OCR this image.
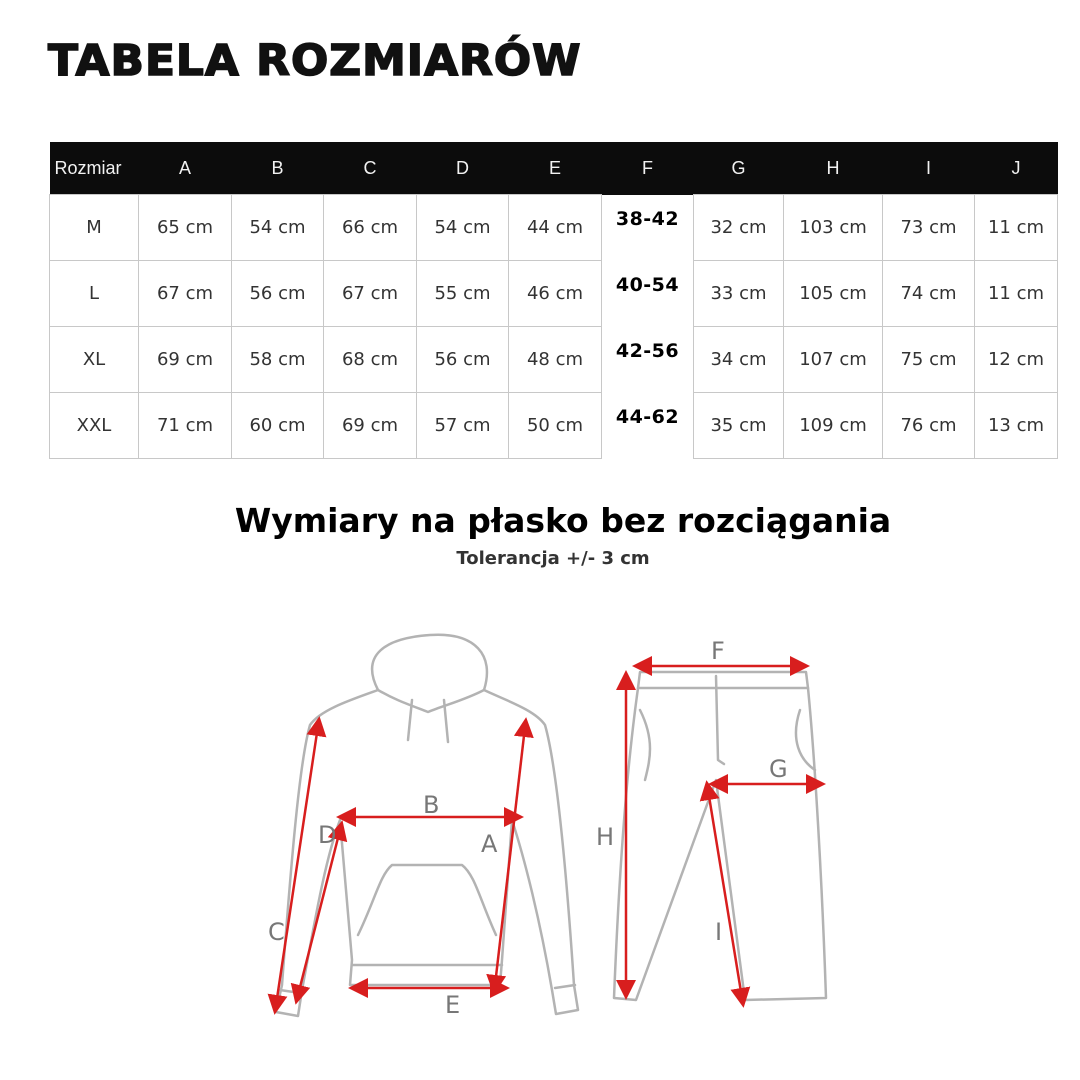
TABELA ROZMIARÓW
Rozmiar	A	B	C	D	E	F	G	H	I	J
M	65 cm	54 cm	66 cm	54 cm	44 cm	38-42	32 cm	103 cm	73 cm	11 cm
L	67 cm	56 cm	67 cm	55 cm	46 cm	40-54	33 cm	105 cm	74 cm	11 cm
XL	69 cm	58 cm	68 cm	56 cm	48 cm	42-56	34 cm	107 cm	75 cm	12 cm
XXL	71 cm	60 cm	69 cm	57 cm	50 cm	44-62	35 cm	109 cm	76 cm	13 cm
Wymiary na płasko bez rozciągania
Tolerancja +/- 3 cm
B
A
D
C
E
F
G
H
I
